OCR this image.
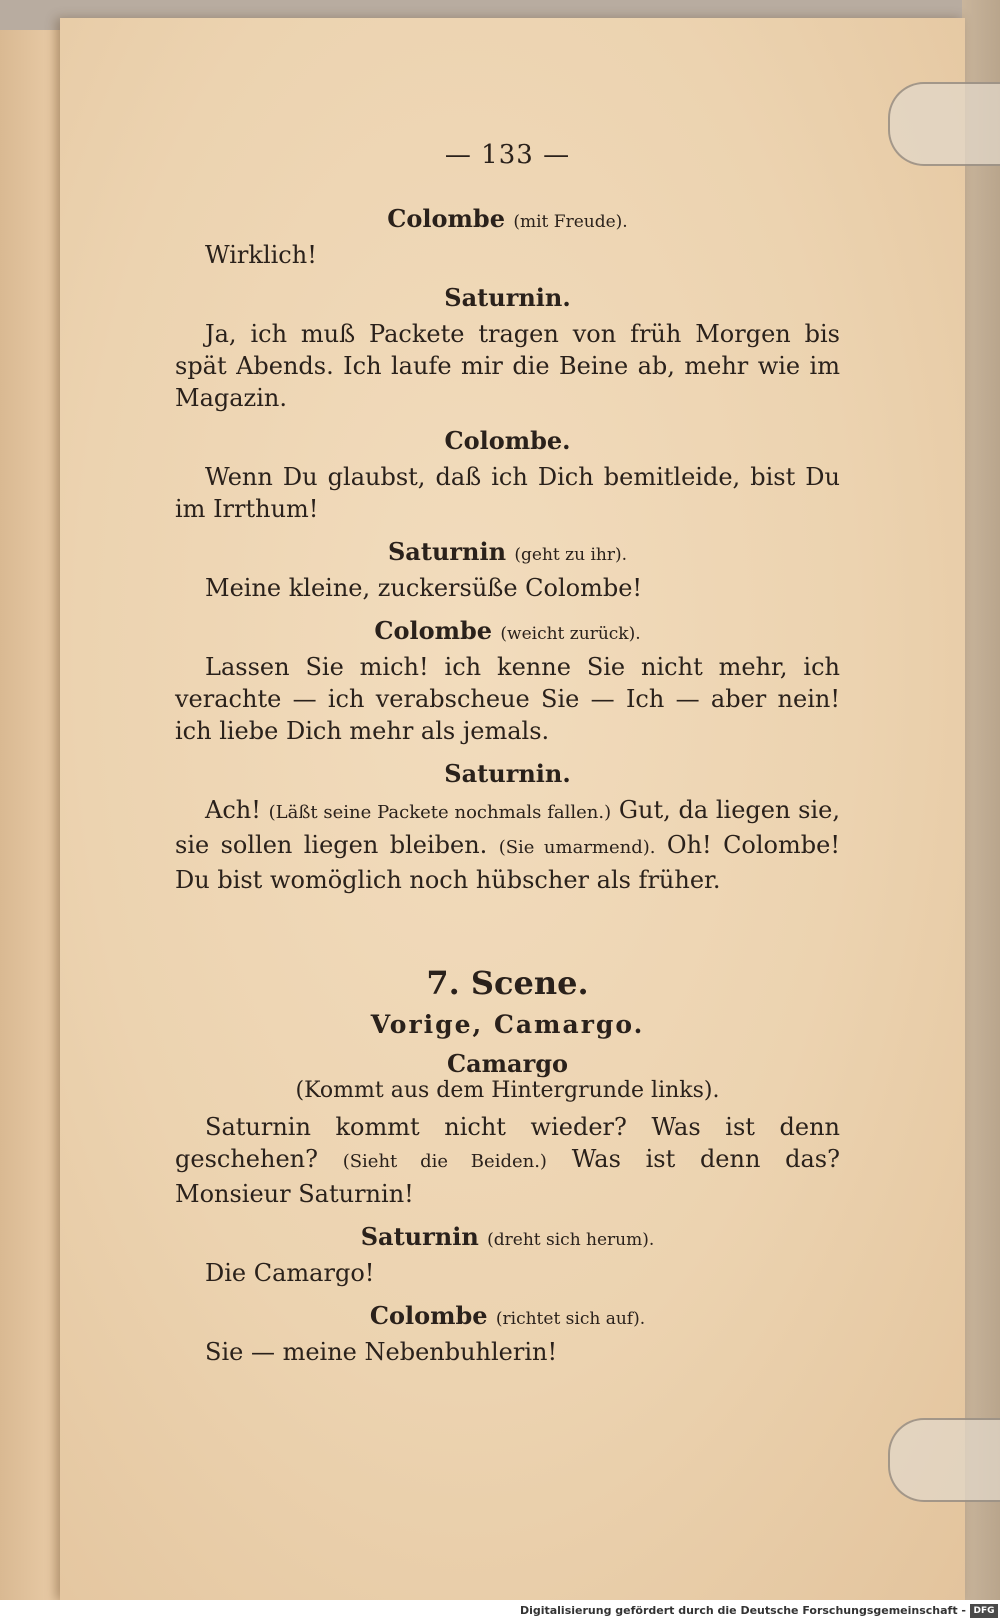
— 133 —
Colombe (mit Freude).

Wirklich!

Saturnin.

Ja, ich muß Packete tragen von früh Morgen bis spät Abends. Ich laufe mir die Beine ab, mehr wie im Magazin.

Colombe.

Wenn Du glaubst, daß ich Dich bemitleide, bist Du im Irrthum!

Saturnin (geht zu ihr).

Meine kleine, zuckersüße Colombe!

Colombe (weicht zurück).

Lassen Sie mich! ich kenne Sie nicht mehr, ich verachte — ich verabscheue Sie — Ich — aber nein! ich liebe Dich mehr als jemals.

Saturnin.

Ach! (Läßt seine Packete nochmals fallen.) Gut, da liegen sie, sie sollen liegen bleiben. (Sie umarmend). Oh! Colombe! Du bist womöglich noch hübscher als früher.

7. Scene.
Vorige, Camargo.
Camargo
(Kommt aus dem Hintergrunde links).

Saturnin kommt nicht wieder? Was ist denn geschehen? (Sieht die Beiden.) Was ist denn das? Monsieur Saturnin!

Saturnin (dreht sich herum).

Die Camargo!

Colombe (richtet sich auf).

Sie — meine Nebenbuhlerin!

Digitalisierung gefördert durch die Deutsche Forschungsgemeinschaft - DFG
